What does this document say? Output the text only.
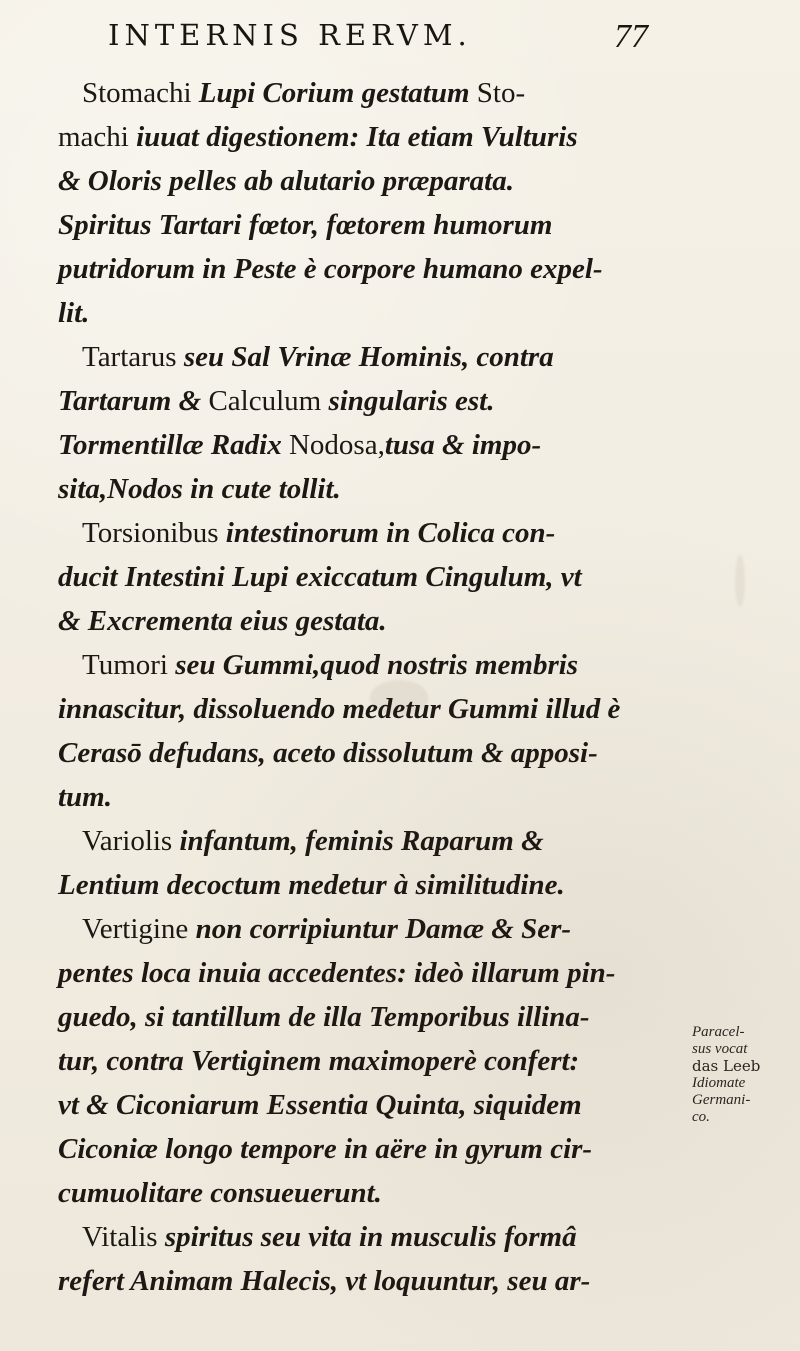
INTERNIS RERVM.	77
Stomachi Lupi Corium gestatum Sto-
machi iuuat digestionem: Ita etiam Vulturis
& Oloris pelles ab alutario præparata.
Spiritus Tartari fœtor, fœtorem humorum
putridorum in Peste è corpore humano expel-
lit.
Tartarus seu Sal Vrinæ Hominis, contra
Tartarum & Calculum singularis est.
Tormentillæ Radix Nodosa,tusa & impo-
sita,Nodos in cute tollit.
Torsionibus intestinorum in Colica con-
ducit Intestini Lupi exiccatum Cingulum, vt
& Excrementa eius gestata.
Tumori seu Gummi,quod nostris membris
innascitur, dissoluendo medetur Gummi illud è
Cerasō defudans, aceto dissolutum & apposi-
tum.
Variolis infantum, feminis Raparum &
Lentium decoctum medetur à similitudine.
Vertigine non corripiuntur Damæ & Ser-
pentes loca inuia accedentes: ideò illarum pin-
guedo, si tantillum de illa Temporibus illina-
tur, contra Vertiginem maximoperè confert:
vt & Ciconiarum Essentia Quinta, siquidem
Ciconiæ longo tempore in aëre in gyrum cir-
cumuolitare consueuerunt.
Vitalis spiritus seu vita in musculis formâ
refert Animam Halecis, vt loquuntur, seu ar-
Paracel-
sus vocat
das Leeb
Idiomate
Germani-
co.
